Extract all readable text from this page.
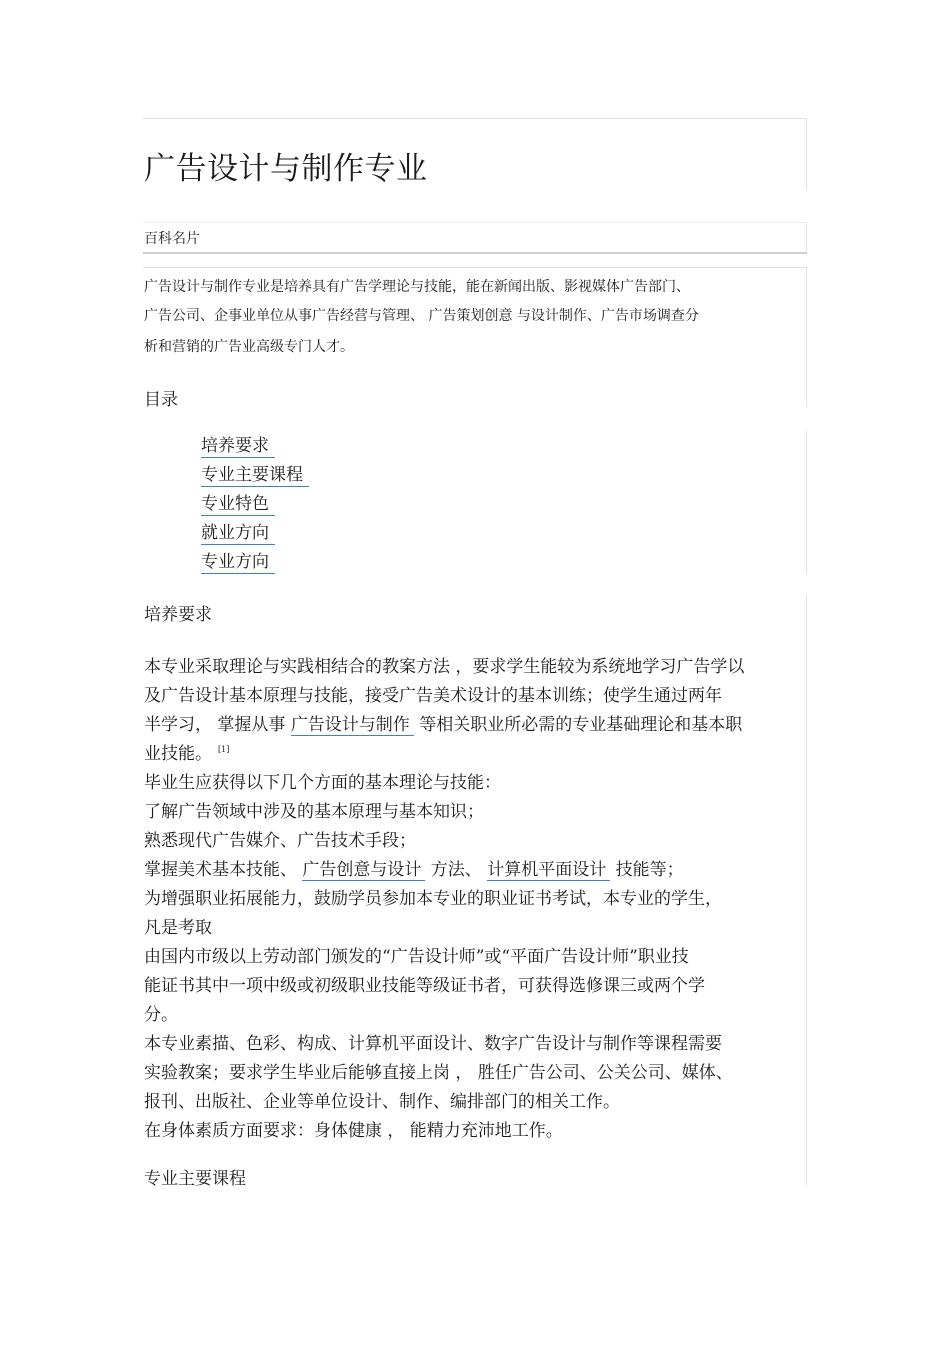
广告设计与制作专业
百科名片

广告设计与制作专业是培养具有广告学理论与技能，能在新闻出版、影视媒体广告部门、

广告公司、企事业单位从事广告经营与管理、 广告策划创意 与设计制作、广告市场调查分

析和营销的广告业高级专门人才。

目录
培养要求
专业主要课程
专业特色
就业方向
专业方向
培养要求
本专业采取理论与实践相结合的教案方法 ，要求学生能较为系统地学习广告学以
及广告设计基本原理与技能，接受广告美术设计的基本训练；使学生通过两年
半学习， 掌握从事 广告设计与制作 等相关职业所必需的专业基础理论和基本职
业技能。 [1]
毕业生应获得以下几个方面的基本理论与技能：
了解广告领域中涉及的基本原理与基本知识；
熟悉现代广告媒介、广告技术手段；
掌握美术基本技能、 广告创意与设计 方法、 计算机平面设计 技能等；
为增强职业拓展能力，鼓励学员参加本专业的职业证书考试，本专业的学生，
凡是考取
由国内市级以上劳动部门颁发的“广告设计师”或“平面广告设计师”职业技
能证书其中一项中级或初级职业技能等级证书者，可获得选修课三或两个学
分。
本专业素描、色彩、构成、计算机平面设计、数字广告设计与制作等课程需要
实验教案；要求学生毕业后能够直接上岗 ， 胜任广告公司、公关公司、媒体、
报刊、出版社、企业等单位设计、制作、编排部门的相关工作。
在身体素质方面要求：身体健康 ， 能精力充沛地工作。
专业主要课程
